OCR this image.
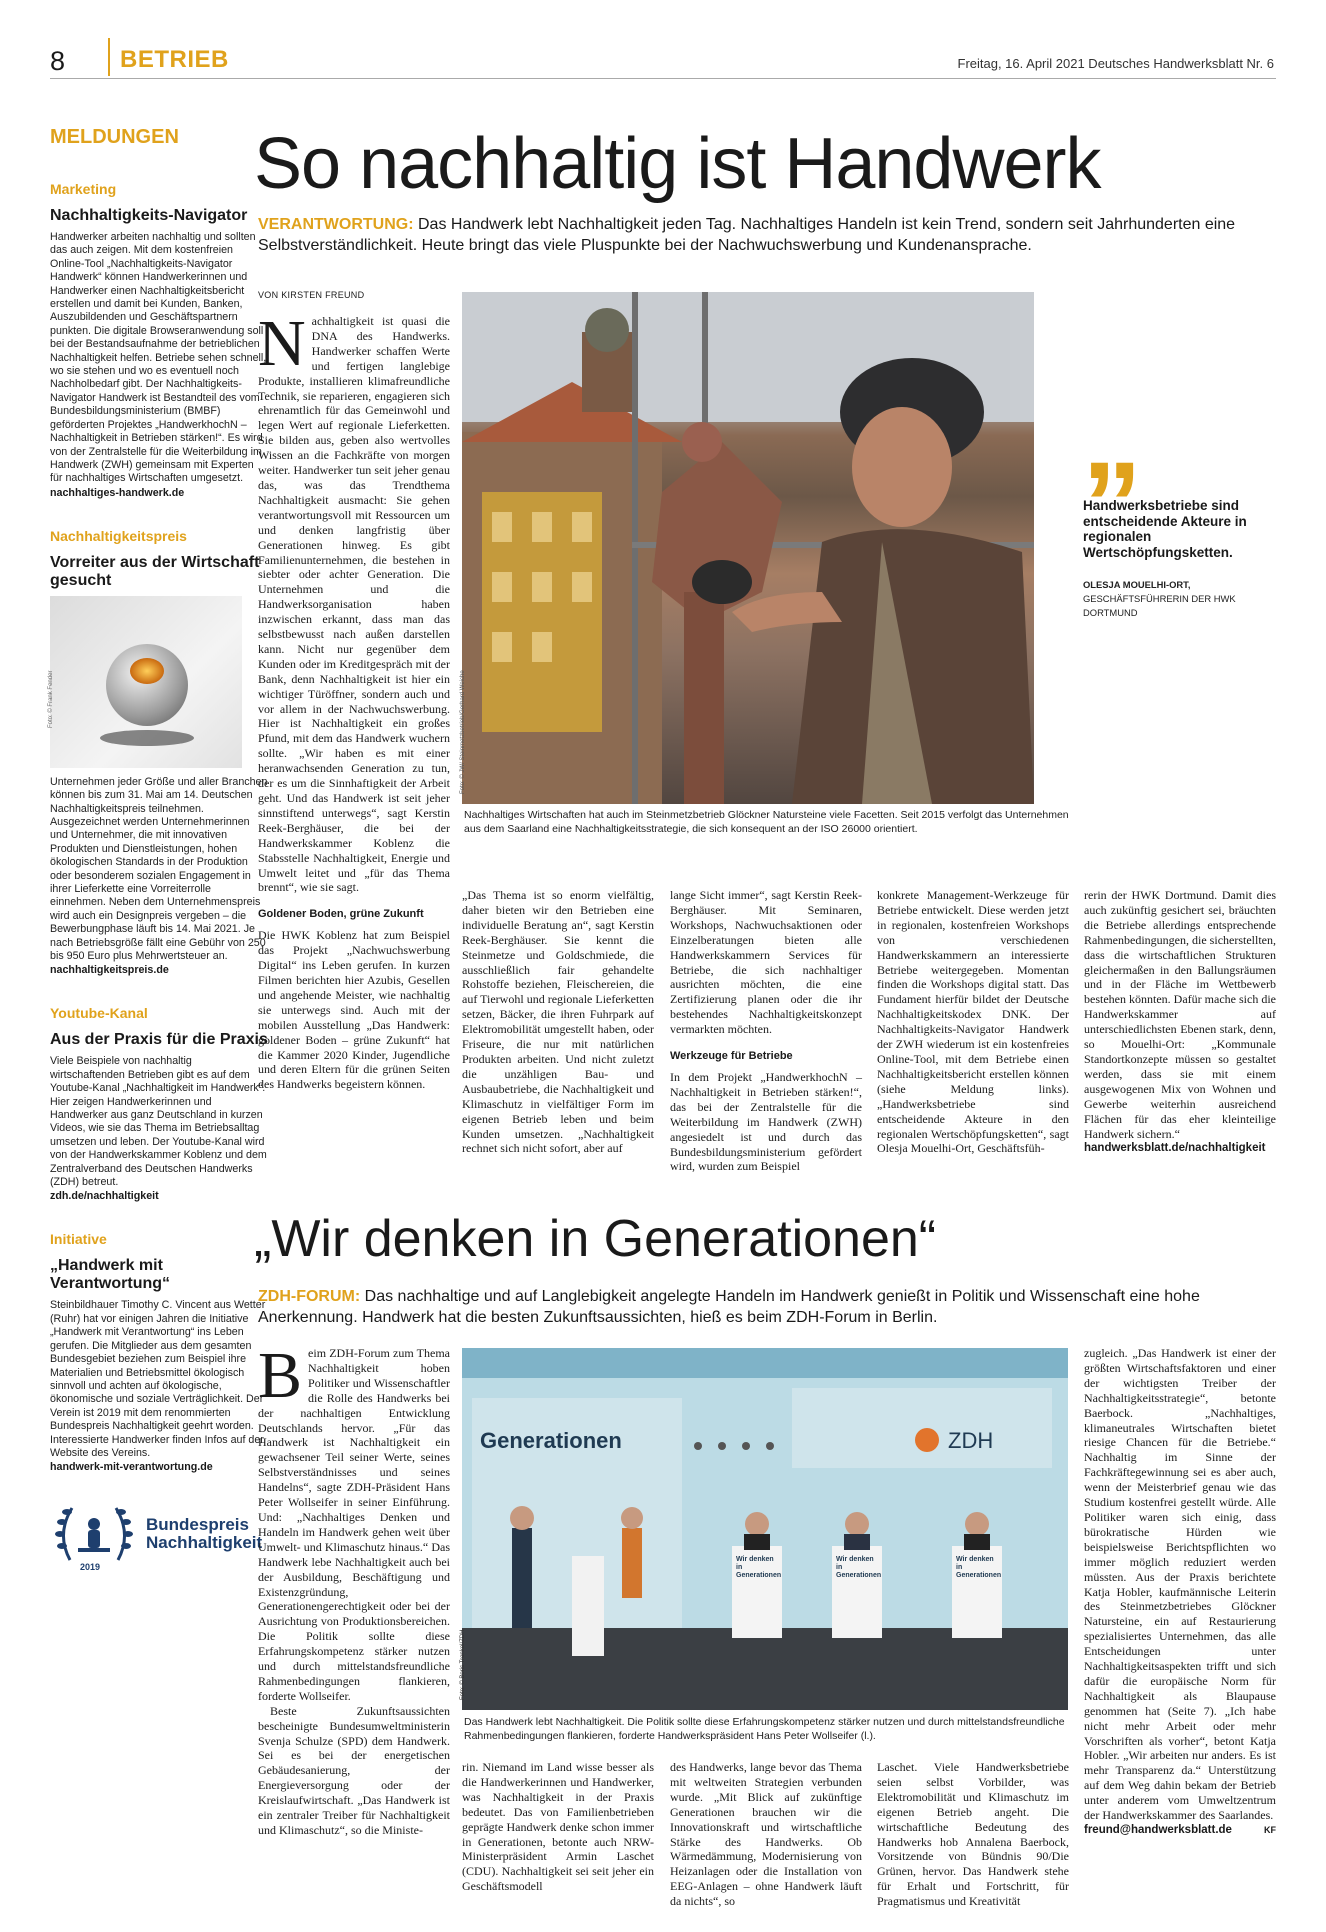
8 BETRIEB	Freitag, 16. April 2021 Deutsches Handwerksblatt Nr. 6
MELDUNGEN
Marketing
Nachhaltigkeits-Navigator
Handwerker arbeiten nachhaltig und sollten das auch zeigen. Mit dem kostenfreien Online-Tool „Nachhaltigkeits-Navigator Handwerk“ können Handwerkerinnen und Handwerker einen Nachhaltigkeitsbericht erstellen und damit bei Kunden, Banken, Auszubildenden und Geschäftspartnern punkten. Die digitale Browseranwendung soll bei der Bestandsaufnahme der betrieblichen Nachhaltigkeit helfen. Betriebe sehen schnell, wo sie stehen und wo es eventuell noch Nachholbedarf gibt. Der Nachhaltigkeits-Navigator Handwerk ist Bestandteil des vom Bundesbildungsministerium (BMBF) geförderten Projektes „HandwerkhochN – Nachhaltigkeit in Betrieben stärken!“. Es wird von der Zentralstelle für die Weiterbildung im Handwerk (ZWH) gemeinsam mit Experten für nachhaltiges Wirtschaften umgesetzt.
nachhaltiges-handwerk.de
Nachhaltigkeitspreis
Vorreiter aus der Wirtschaft gesucht
Foto: © Frank Fender
Unternehmen jeder Größe und aller Branchen können bis zum 31. Mai am 14. Deutschen Nachhaltigkeitspreis teilnehmen. Ausgezeichnet werden Unternehmerinnen und Unternehmer, die mit innovativen Produkten und Dienstleistungen, hohen ökologischen Standards in der Produktion oder besonderem sozialen Engagement in ihrer Lieferkette eine Vorreiterrolle einnehmen. Neben dem Unternehmenspreis wird auch ein Designpreis vergeben – die Bewerbungphase läuft bis 14. Mai 2021. Je nach Betriebsgröße fällt eine Gebühr von 250 bis 950 Euro plus Mehrwertsteuer an.
nachhaltigkeitspreis.de
Youtube-Kanal
Aus der Praxis für die Praxis
Viele Beispiele von nachhaltig wirtschaftenden Betrieben gibt es auf dem Youtube-Kanal „Nachhaltigkeit im Handwerk“. Hier zeigen Handwerkerinnen und Handwerker aus ganz Deutschland in kurzen Videos, wie sie das Thema im Betriebsalltag umsetzen und leben. Der Youtube-Kanal wird von der Handwerkskammer Koblenz und dem Zentralverband des Deutschen Handwerks (ZDH) betreut.
zdh.de/nachhaltigkeit
Initiative
„Handwerk mit Verantwortung“
Steinbildhauer Timothy C. Vincent aus Wetter (Ruhr) hat vor einigen Jahren die Initiative „Handwerk mit Verantwortung“ ins Leben gerufen. Die Mitglieder aus dem gesamten Bundesgebiet beziehen zum Beispiel ihre Materialien und Betriebsmittel ökologisch sinnvoll und achten auf ökologische, ökonomische und soziale Verträglichkeit. Der Verein ist 2019 mit dem renommierten Bundespreis Nachhaltigkeit geehrt worden. Interessierte Handwerker finden Infos auf der Website des Vereins.
handwerk-mit-verantwortung.de
Bundespreis
Nachhaltigkeit
2019
So nachhaltig ist Handwerk
VERANTWORTUNG: Das Handwerk lebt Nachhaltigkeit jeden Tag. Nachhaltiges Handeln ist kein Trend, sondern seit Jahrhunderten eine Selbstverständlichkeit. Heute bringt das viele Pluspunkte bei der Nachwuchswerbung und Kundenansprache.
VON KIRSTEN FREUND
Nachhaltigkeit ist quasi die DNA des Handwerks. Handwerker schaffen Werte und fertigen langlebige Produkte, installieren klimafreundliche Technik, sie reparieren, engagieren sich ehrenamtlich für das Gemeinwohl und legen Wert auf regionale Lieferketten. Sie bilden aus, geben also wertvolles Wissen an die Fachkräfte von morgen weiter. Handwerker tun seit jeher genau das, was das Trendthema Nachhaltigkeit ausmacht: Sie gehen verantwortungsvoll mit Ressourcen um und denken langfristig über Generationen hinweg. Es gibt Familienunternehmen, die bestehen in siebter oder achter Generation. Die Unternehmen und die Handwerksorganisation haben inzwischen erkannt, dass man das selbstbewusst nach außen darstellen kann. Nicht nur gegenüber dem Kunden oder im Kreditgespräch mit der Bank, denn Nachhaltigkeit ist hier ein wichtiger Türöffner, sondern auch und vor allem in der Nachwuchswerbung. Hier ist Nachhaltigkeit ein großes Pfund, mit dem das Handwerk wuchern sollte. „Wir haben es mit einer heranwachsenden Generation zu tun, der es um die Sinnhaftigkeit der Arbeit geht. Und das Handwerk ist seit jeher sinnstiftend unterwegs“, sagt Kerstin Reek-Berghäuser, die bei der Handwerkskammer Koblenz die Stabsstelle Nachhaltigkeit, Energie und Umwelt leitet und „für das Thema brennt“, wie sie sagt.
Goldener Boden, grüne Zukunft
Die HWK Koblenz hat zum Beispiel das Projekt „Nachwuchswerbung Digital“ ins Leben gerufen. In kurzen Filmen berichten hier Azubis, Gesellen und angehende Meister, wie nachhaltig sie unterwegs sind. Auch mit der mobilen Ausstellung „Das Handwerk: goldener Boden – grüne Zukunft“ hat die Kammer 2020 Kinder, Jugendliche und deren Eltern für die grünen Seiten des Handwerks begeistern können.
Foto: © JW/ Steinmetzbetrieb/Gerhard Weiche
Nachhaltiges Wirtschaften hat auch im Steinmetzbetrieb Glöckner Natursteine viele Facetten. Seit 2015 verfolgt das Unternehmen aus dem Saarland eine Nachhaltigkeitsstrategie, die sich konsequent an der ISO 26000 orientiert.
„
Handwerksbetriebe sind entscheidende Akteure in regionalen Wertschöpfungsketten.
OLESJA MOUELHI-ORT,
GESCHÄFTSFÜHRERIN DER HWK DORTMUND
„Das Thema ist so enorm vielfältig, daher bieten wir den Betrieben eine individuelle Beratung an“, sagt Kerstin Reek-Berghäuser. Sie kennt die Steinmetze und Goldschmiede, die ausschließlich fair gehandelte Rohstoffe beziehen, Fleischereien, die auf Tierwohl und regionale Lieferketten setzen, Bäcker, die ihren Fuhrpark auf Elektromobilität umgestellt haben, oder Friseure, die nur mit natürlichen Produkten arbeiten. Und nicht zuletzt die unzähligen Bau- und Ausbaubetriebe, die Nachhaltigkeit und Klimaschutz in vielfältiger Form im eigenen Betrieb leben und beim Kunden umsetzen. „Nachhaltigkeit rechnet sich nicht sofort, aber auf
lange Sicht immer“, sagt Kerstin Reek-Berghäuser. Mit Seminaren, Workshops, Nachwuchsaktionen oder Einzelberatungen bieten alle Handwerkskammern Services für Betriebe, die sich nachhaltiger ausrichten möchten, die eine Zertifizierung planen oder die ihr bestehendes Nachhaltigkeitskonzept vermarkten möchten.
Werkzeuge für Betriebe
In dem Projekt „HandwerkhochN – Nachhaltigkeit in Betrieben stärken!“, das bei der Zentralstelle für die Weiterbildung im Handwerk (ZWH) angesiedelt ist und durch das Bundesbildungsministerium gefördert wird, wurden zum Beispiel
konkrete Management-Werkzeuge für Betriebe entwickelt. Diese werden jetzt in regionalen, kostenfreien Workshops von verschiedenen Handwerkskammern an interessierte Betriebe weitergegeben. Momentan finden die Workshops digital statt. Das Fundament hierfür bildet der Deutsche Nachhaltigkeitskodex DNK. Der Nachhaltigkeits-Navigator Handwerk der ZWH wiederum ist ein kostenfreies Online-Tool, mit dem Betriebe einen Nachhaltigkeitsbericht erstellen können (siehe Meldung links). „Handwerksbetriebe sind entscheidende Akteure in den regionalen Wertschöpfungsketten“, sagt Olesja Mouelhi-Ort, Geschäftsfüh-
rerin der HWK Dortmund. Damit dies auch zukünftig gesichert sei, bräuchten die Betriebe allerdings entsprechende Rahmenbedingungen, die sicherstellten, dass die wirtschaftlichen Strukturen gleichermaßen in den Ballungsräumen und in der Fläche im Wettbewerb bestehen könnten. Dafür mache sich die Handwerkskammer auf unterschiedlichsten Ebenen stark, denn, so Mouelhi-Ort: „Kommunale Standortkonzepte müssen so gestaltet werden, dass sie mit einem ausgewogenen Mix von Wohnen und Gewerbe weiterhin ausreichend Flächen für das eher kleinteilige Handwerk sichern.“
handwerksblatt.de/nachhaltigkeit
„Wir denken in Generationen“
ZDH-FORUM: Das nachhaltige und auf Langlebigkeit angelegte Handeln im Handwerk genießt in Politik und Wissenschaft eine hohe Anerkennung. Handwerk hat die besten Zukunftsaussichten, hieß es beim ZDH-Forum in Berlin.
Beim ZDH-Forum zum Thema Nachhaltigkeit hoben Politiker und Wissenschaftler die Rolle des Handwerks bei der nachhaltigen Entwicklung Deutschlands hervor. „Für das Handwerk ist Nachhaltigkeit ein gewachsener Teil seiner Werte, seines Selbstverständnisses und seines Handelns“, sagte ZDH-Präsident Hans Peter Wollseifer in seiner Einführung. Und: „Nachhaltiges Denken und Handeln im Handwerk gehen weit über Umwelt- und Klimaschutz hinaus.“ Das Handwerk lebe Nachhaltigkeit auch bei der Ausbildung, Beschäftigung und Existenzgründung, Generationengerechtigkeit oder bei der Ausrichtung von Produktionsbereichen. Die Politik sollte diese Erfahrungskompetenz stärker nutzen und durch mittelstandsfreundliche Rahmenbedingungen flankieren, forderte Wollseifer.
Beste Zukunftsaussichten bescheinigte Bundesumweltministerin Svenja Schulze (SPD) dem Handwerk. Sei es bei der energetischen Gebäudesanierung, der Energieversorgung oder der Kreislaufwirtschaft. „Das Handwerk ist ein zentraler Treiber für Nachhaltigkeit und Klimaschutz“, so die Ministe-
Generationen	ZDH
Wir denken in Generationen
Wir denken in Generationen
Wir denken in Generationen
Foto: © Boris Trenkel/ZDH
Das Handwerk lebt Nachhaltigkeit. Die Politik sollte diese Erfahrungskompetenz stärker nutzen und durch mittelstandsfreundliche Rahmenbedingungen flankieren, forderte Handwerkspräsident Hans Peter Wollseifer (l.).
rin. Niemand im Land wisse besser als die Handwerkerinnen und Handwerker, was Nachhaltigkeit in der Praxis bedeutet. Das von Familienbetrieben geprägte Handwerk denke schon immer in Generationen, betonte auch NRW-Ministerpräsident Armin Laschet (CDU). Nachhaltigkeit sei seit jeher ein Geschäftsmodell
des Handwerks, lange bevor das Thema mit weltweiten Strategien verbunden wurde. „Mit Blick auf zukünftige Generationen brauchen wir die Innovationskraft und wirtschaftliche Stärke des Handwerks. Ob Wärmedämmung, Modernisierung von Heizanlagen oder die Installation von EEG-Anlagen – ohne Handwerk läuft da nichts“, so
Laschet. Viele Handwerksbetriebe seien selbst Vorbilder, was Elektromobilität und Klimaschutz im eigenen Betrieb angeht. Die wirtschaftliche Bedeutung des Handwerks hob Annalena Baerbock, Vorsitzende von Bündnis 90/Die Grünen, hervor. Das Handwerk stehe für Erhalt und Fortschritt, für Pragmatismus und Kreativität
zugleich. „Das Handwerk ist einer der größten Wirtschaftsfaktoren und einer der wichtigsten Treiber der Nachhaltigkeitsstrategie“, betonte Baerbock. „Nachhaltiges, klimaneutrales Wirtschaften bietet riesige Chancen für die Betriebe.“ Nachhaltig im Sinne der Fachkräftegewinnung sei es aber auch, wenn der Meisterbrief genau wie das Studium kostenfrei gestellt würde. Alle Politiker waren sich einig, dass bürokratische Hürden wie beispielsweise Berichtspflichten wo immer möglich reduziert werden müssten. Aus der Praxis berichtete Katja Hobler, kaufmännische Leiterin des Steinmetzbetriebes Glöckner Natursteine, ein auf Restaurierung spezialisiertes Unternehmen, das alle Entscheidungen unter Nachhaltigkeitsaspekten trifft und sich dafür die europäische Norm für Nachhaltigkeit als Blaupause genommen hat (Seite 7). „Ich habe nicht mehr Arbeit oder mehr Vorschriften als vorher“, betont Katja Hobler. „Wir arbeiten nur anders. Es ist mehr Transparenz da.“ Unterstützung auf dem Weg dahin bekam der Betrieb unter anderem vom Umweltzentrum der Handwerkskammer des Saarlandes.
KF
freund@handwerksblatt.de
